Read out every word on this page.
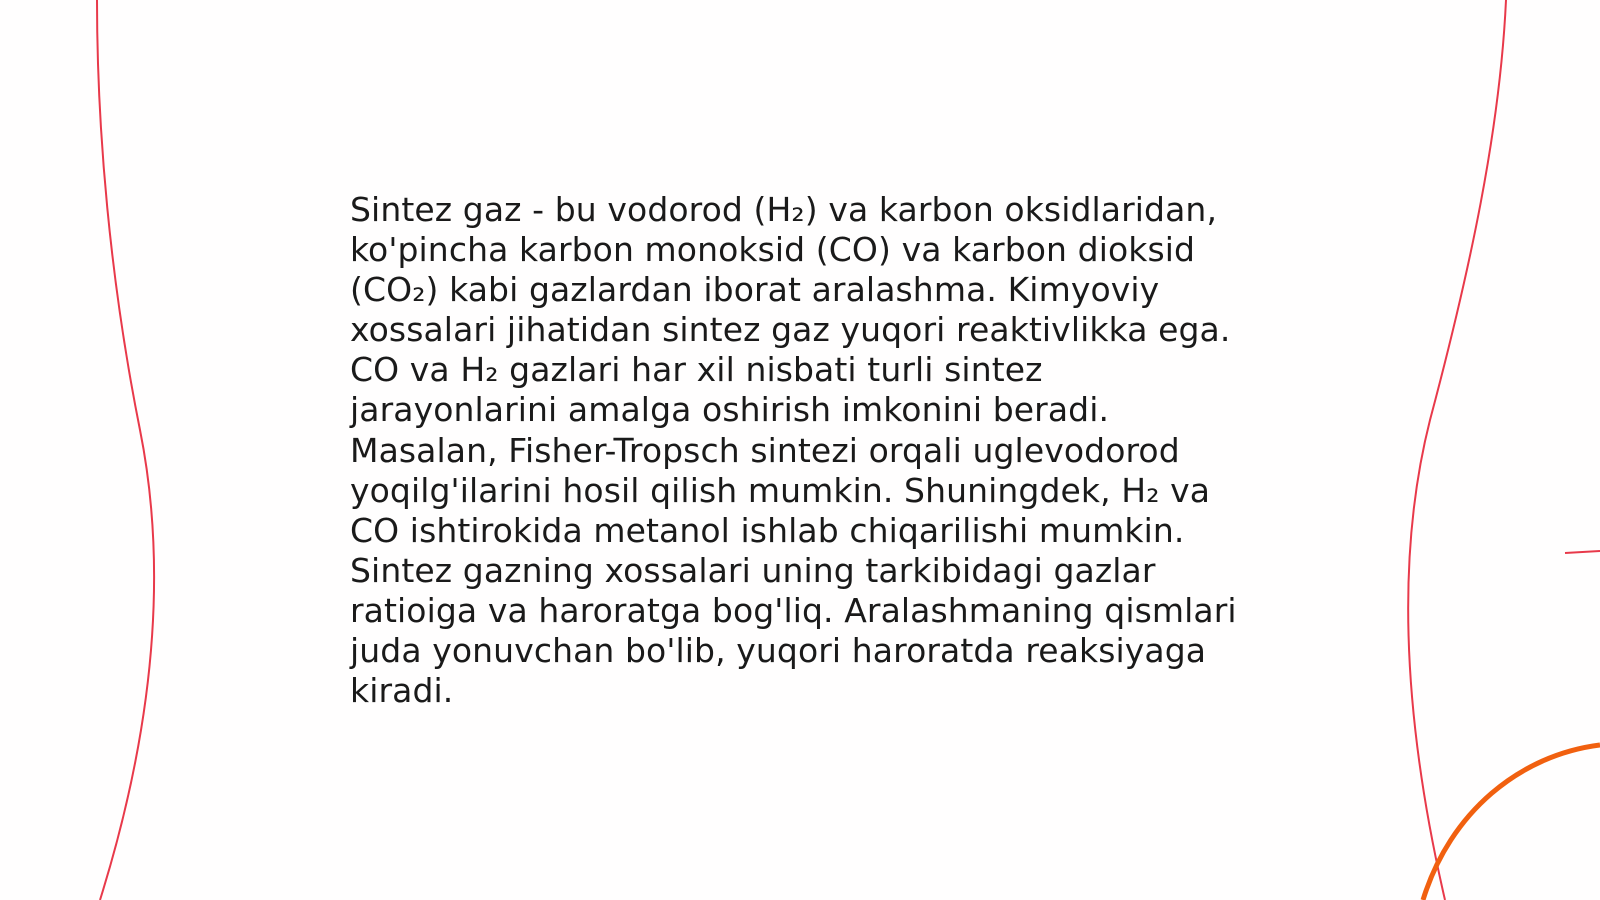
Sintez gaz - bu vodorod (H₂) va karbon oksidlaridan, ko'pincha karbon monoksid (CO) va karbon dioksid (CO₂) kabi gazlardan iborat aralashma. Kimyoviy xossalari jihatidan sintez gaz yuqori reaktivlikka ega. CO va H₂ gazlari har xil nisbati turli sintez jarayonlarini amalga oshirish imkonini beradi. Masalan, Fisher-Tropsch sintezi orqali uglevodorod yoqilg'ilarini hosil qilish mumkin. Shuningdek, H₂ va CO ishtirokida metanol ishlab chiqarilishi mumkin. Sintez gazning xossalari uning tarkibidagi gazlar ratioiga va haroratga bog'liq. Aralashmaning qismlari juda yonuvchan bo'lib, yuqori haroratda reaksiyaga kiradi.
